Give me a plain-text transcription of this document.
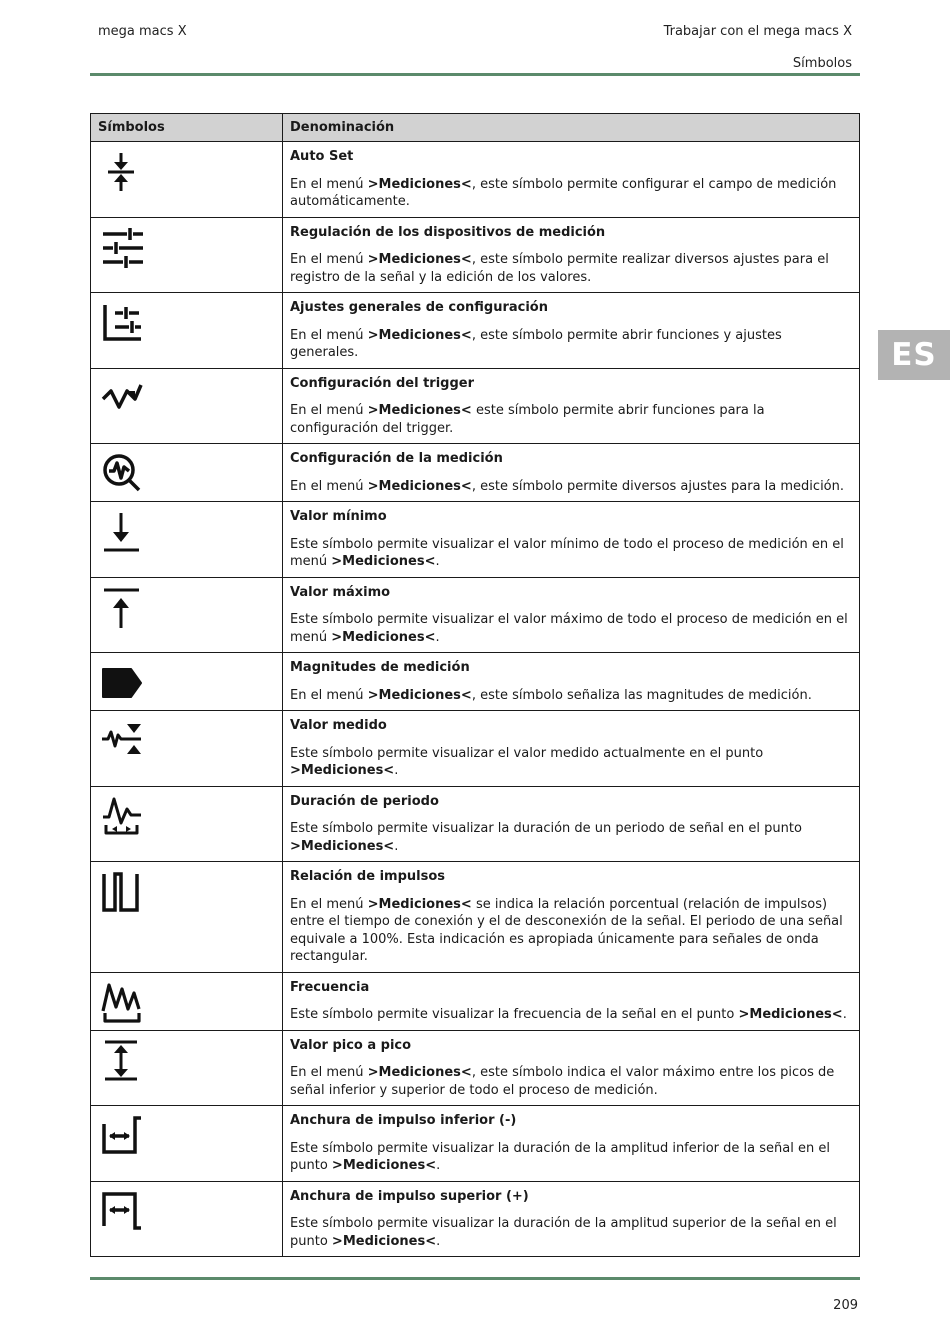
mega macs X	Trabajar con el mega macs X
Símbolos
ES
Símbolos	Denominación

Auto Set
En el menú >Mediciones<, este símbolo permite configurar el campo de medición automáticamente.

Regulación de los dispositivos de medición
En el menú >Mediciones<, este símbolo permite realizar diversos ajustes para el registro de la señal y la edición de los valores.

Ajustes generales de configuración
En el menú >Mediciones<, este símbolo permite abrir funciones y ajustes generales.

Configuración del trigger
En el menú >Mediciones< este símbolo permite abrir funciones para la configuración del trigger.

Configuración de la medición
En el menú >Mediciones<, este símbolo permite diversos ajustes para la medición.

Valor mínimo
Este símbolo permite visualizar el valor mínimo de todo el proceso de medición en el menú >Mediciones<.

Valor máximo
Este símbolo permite visualizar el valor máximo de todo el proceso de medición en el menú >Mediciones<.

Magnitudes de medición
En el menú >Mediciones<, este símbolo señaliza las magnitudes de medición.

Valor medido
Este símbolo permite visualizar el valor medido actualmente en el punto >Mediciones<.

Duración de periodo
Este símbolo permite visualizar la duración de un periodo de señal en el punto >Mediciones<.

Relación de impulsos
En el menú >Mediciones< se indica la relación porcentual (relación de impulsos) entre el tiempo de conexión y el de desconexión de la señal. El periodo de una señal equivale a 100%. Esta indicación es apropiada únicamente para señales de onda rectangular.

Frecuencia
Este símbolo permite visualizar la frecuencia de la señal en el punto >Mediciones<.

Valor pico a pico
En el menú >Mediciones<, este símbolo indica el valor máximo entre los picos de señal inferior y superior de todo el proceso de medición.

Anchura de impulso inferior (-)
Este símbolo permite visualizar la duración de la amplitud inferior de la señal en el punto >Mediciones<.

Anchura de impulso superior (+)
Este símbolo permite visualizar la duración de la amplitud superior de la señal en el punto >Mediciones<.
209
